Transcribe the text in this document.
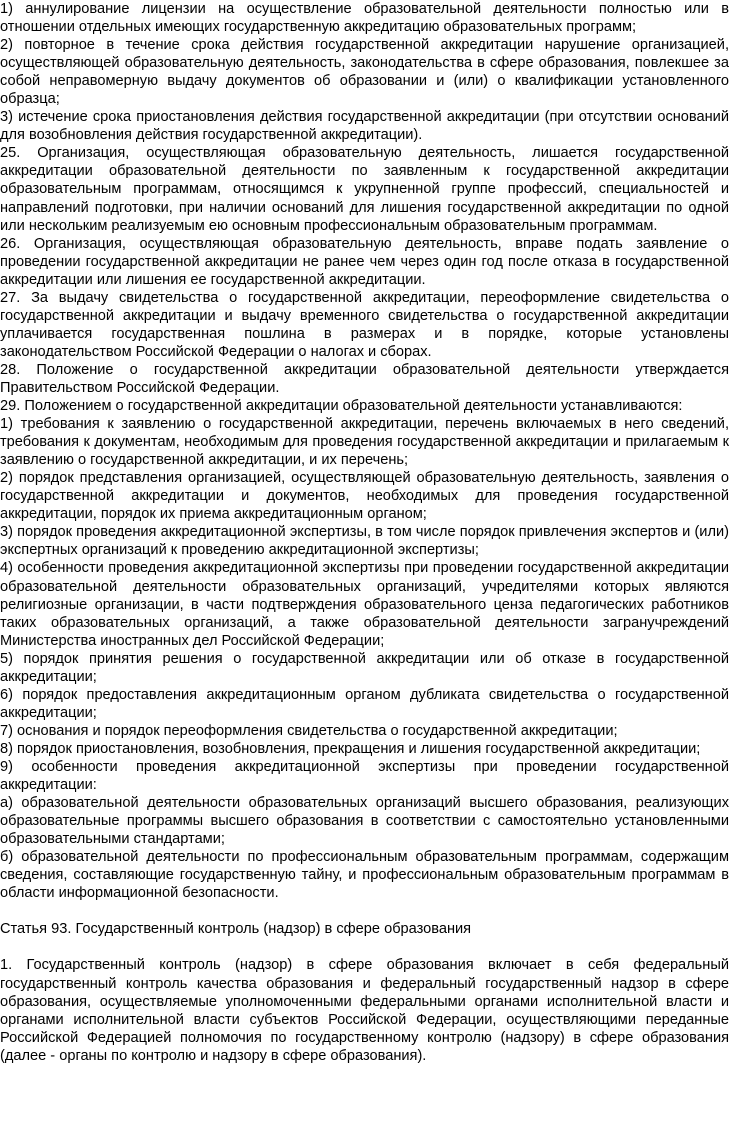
1) аннулирование лицензии на осуществление образовательной деятельности полностью или в отношении отдельных имеющих государственную аккредитацию образовательных программ;

2) повторное в течение срока действия государственной аккредитации нарушение организацией, осуществляющей образовательную деятельность, законодательства в сфере образования, повлекшее за собой неправомерную выдачу документов об образовании и (или) о квалификации установленного образца;

3) истечение срока приостановления действия государственной аккредитации (при отсутствии оснований для возобновления действия государственной аккредитации).

25. Организация, осуществляющая образовательную деятельность, лишается государственной аккредитации образовательной деятельности по заявленным к государственной аккредитации образовательным программам, относящимся к укрупненной группе профессий, специальностей и направлений подготовки, при наличии оснований для лишения государственной аккредитации по одной или нескольким реализуемым ею основным профессиональным образовательным программам.

26. Организация, осуществляющая образовательную деятельность, вправе подать заявление о проведении государственной аккредитации не ранее чем через один год после отказа в государственной аккредитации или лишения ее государственной аккредитации.

27. За выдачу свидетельства о государственной аккредитации, переоформление свидетельства о государственной аккредитации и выдачу временного свидетельства о государственной аккредитации уплачивается государственная пошлина в размерах и в порядке, которые установлены законодательством Российской Федерации о налогах и сборах.

28. Положение о государственной аккредитации образовательной деятельности утверждается Правительством Российской Федерации.

29. Положением о государственной аккредитации образовательной деятельности устанавливаются:

1) требования к заявлению о государственной аккредитации, перечень включаемых в него сведений, требования к документам, необходимым для проведения государственной аккредитации и прилагаемым к заявлению о государственной аккредитации, и их перечень;

2) порядок представления организацией, осуществляющей образовательную деятельность, заявления о государственной аккредитации и документов, необходимых для проведения государственной аккредитации, порядок их приема аккредитационным органом;

3) порядок проведения аккредитационной экспертизы, в том числе порядок привлечения экспертов и (или) экспертных организаций к проведению аккредитационной экспертизы;

4) особенности проведения аккредитационной экспертизы при проведении государственной аккредитации образовательной деятельности образовательных организаций, учредителями которых являются религиозные организации, в части подтверждения образовательного ценза педагогических работников таких образовательных организаций, а также образовательной деятельности загранучреждений Министерства иностранных дел Российской Федерации;

5) порядок принятия решения о государственной аккредитации или об отказе в государственной аккредитации;

6) порядок предоставления аккредитационным органом дубликата свидетельства о государственной аккредитации;

7) основания и порядок переоформления свидетельства о государственной аккредитации;

8) порядок приостановления, возобновления, прекращения и лишения государственной аккредитации;

9) особенности проведения аккредитационной экспертизы при проведении государственной аккредитации:

а) образовательной деятельности образовательных организаций высшего образования, реализующих образовательные программы высшего образования в соответствии с самостоятельно установленными образовательными стандартами;

б) образовательной деятельности по профессиональным образовательным программам, содержащим сведения, составляющие государственную тайну, и профессиональным образовательным программам в области информационной безопасности.

Статья 93. Государственный контроль (надзор) в сфере образования

1. Государственный контроль (надзор) в сфере образования включает в себя федеральный государственный контроль качества образования и федеральный государственный надзор в сфере образования, осуществляемые уполномоченными федеральными органами исполнительной власти и органами исполнительной власти субъектов Российской Федерации, осуществляющими переданные Российской Федерацией полномочия по государственному контролю (надзору) в сфере образования (далее - органы по контролю и надзору в сфере образования).
